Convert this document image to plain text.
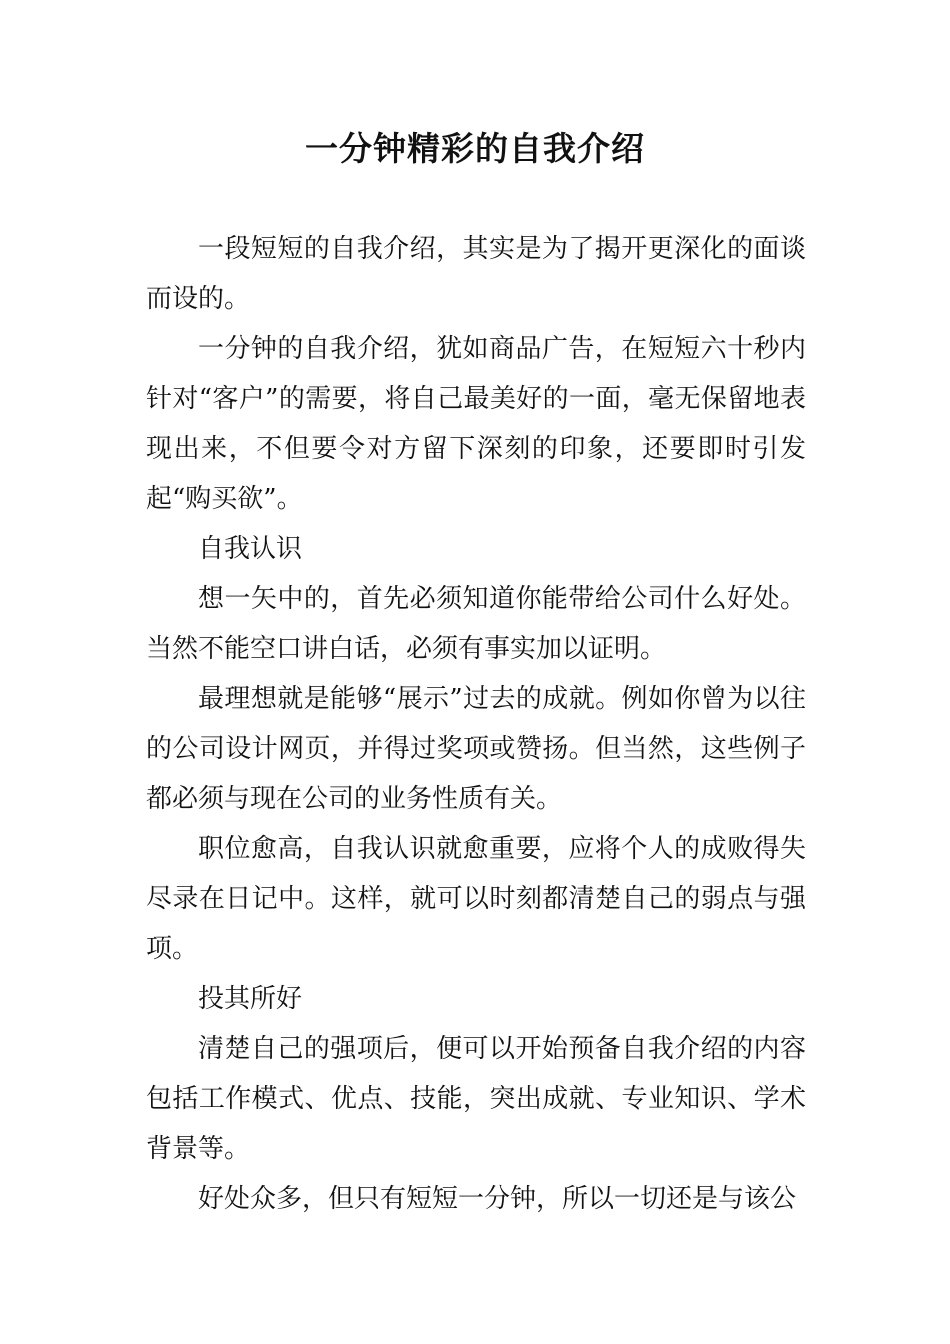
一分钟精彩的自我介绍

一段短短的自我介绍，其实是为了揭开更深化的面谈而设的。

一分钟的自我介绍，犹如商品广告，在短短六十秒内针对“客户”的需要，将自己最美好的一面，毫无保留地表现出来，不但要令对方留下深刻的印象，还要即时引发起“购买欲”。

自我认识

想一矢中的，首先必须知道你能带给公司什么好处。当然不能空口讲白话，必须有事实加以证明。

最理想就是能够“展示”过去的成就。例如你曾为以往的公司设计网页，并得过奖项或赞扬。但当然，这些例子都必须与现在公司的业务性质有关。

职位愈高，自我认识就愈重要，应将个人的成败得失尽录在日记中。这样，就可以时刻都清楚自己的弱点与强项。

投其所好

清楚自己的强项后，便可以开始预备自我介绍的内容包括工作模式、优点、技能，突出成就、专业知识、学术背景等。

好处众多，但只有短短一分钟，所以一切还是与该公
